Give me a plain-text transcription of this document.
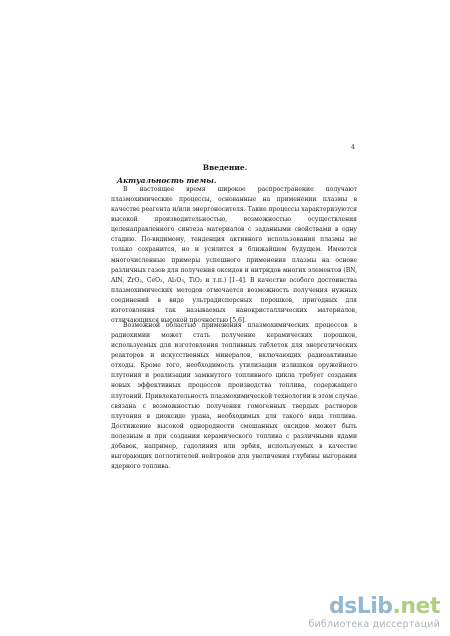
4
Введение.
Актуальность темы.
В настоящее время широкое распространение получают
плазмохимические процессы, основанные на применении плазмы в
качестве реагента и/или энергоносителя. Такие процессы характеризуются
высокой производительностью, возможностью осуществления
целенаправленного синтеза материалов с заданными свойствами в одну
стадию. По-видимому, тенденция активного использования плазмы не
только сохранится, но и усилится в ближайшем будущем. Имеются
многочисленные примеры успешного применения плазмы на основе
различных газов для получения оксидов и нитридов многих элементов (BN,
AlN, ZrO₂, CeO₂, Al₂O₃, TiO₂ и т.п.) [1–4]. В качестве особого достоинства
плазмохимических методов отмечается возможность получения нужных
соединений в виде ультрадисперсных порошков, пригодных для
изготовления так называемых нанокристаллических материалов,
отличающихся высокой прочностью [5,6].
Возможной областью применения плазмохимических процессов в
радиохимии может стать получение керамических порошков,
используемых для изготовления топливных таблеток для энергетических
реакторов и искусственных минералов, включающих радиоактивные
отходы. Кроме того, необходимость утилизации излишков оружейного
плутония и реализации замкнутого топливного цикла требует создания
новых эффективных процессов производства топлива, содержащего
плутоний. Привлекательность плазмохимической технологии в этом случае
связана с возможностью получения гомогенных твердых растворов
плутония в диоксиде урана, необходимых для такого вида топлива.
Достижение высокой однородности смешанных оксидов может быть
полезным и при создании керамического топлива с различными ядами
добавок, например, гадолиния или эрбия, используемых в качестве
выгорающих поглотителей нейтронов для увеличения глубины выгорания
ядерного топлива.
dsLib.net
библиотека диссертаций
